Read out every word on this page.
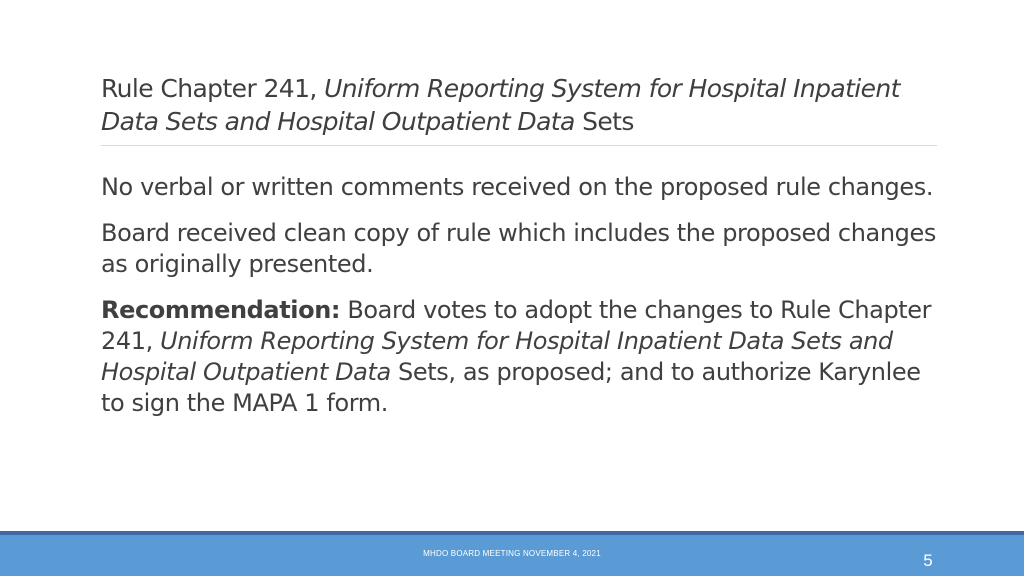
Rule Chapter 241, Uniform Reporting System for Hospital Inpatient Data Sets and Hospital Outpatient Data Sets

No verbal or written comments received on the proposed rule changes.

Board received clean copy of rule which includes the proposed changes as originally presented.

Recommendation: Board votes to adopt the changes to Rule Chapter 241, Uniform Reporting System for Hospital Inpatient Data Sets and Hospital Outpatient Data Sets, as proposed; and to authorize Karynlee to sign the MAPA 1 form.

MHDO BOARD MEETING NOVEMBER 4, 2021	5
